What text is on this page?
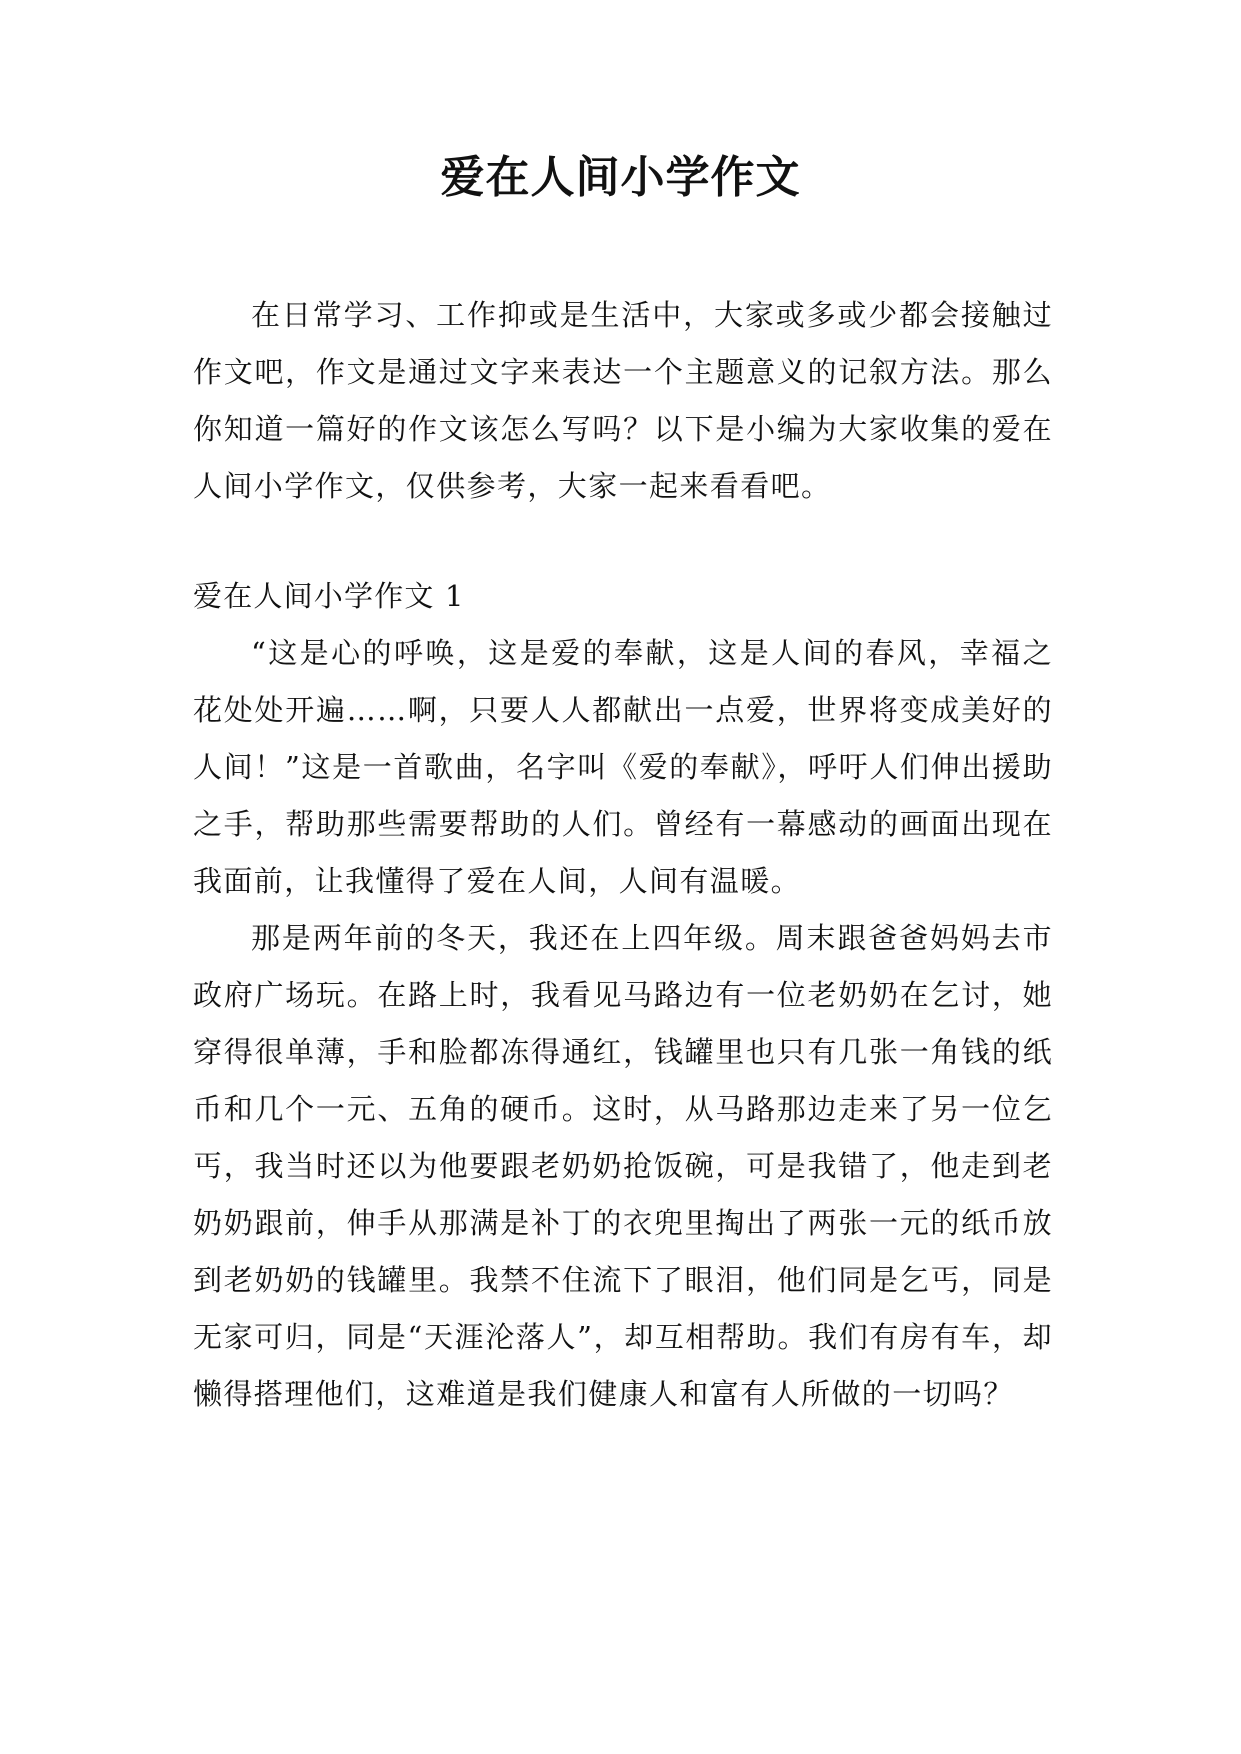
爱在人间小学作文

在日常学习、工作抑或是生活中，大家或多或少都会接触过作文吧，作文是通过文字来表达一个主题意义的记叙方法。那么你知道一篇好的作文该怎么写吗？以下是小编为大家收集的爱在人间小学作文，仅供参考，大家一起来看看吧。

爱在人间小学作文 1

“这是心的呼唤，这是爱的奉献，这是人间的春风，幸福之花处处开遍……啊，只要人人都献出一点爱，世界将变成美好的人间！”这是一首歌曲，名字叫《爱的奉献》，呼吁人们伸出援助之手，帮助那些需要帮助的人们。曾经有一幕感动的画面出现在我面前，让我懂得了爱在人间，人间有温暖。

那是两年前的冬天，我还在上四年级。周末跟爸爸妈妈去市政府广场玩。在路上时，我看见马路边有一位老奶奶在乞讨，她穿得很单薄，手和脸都冻得通红，钱罐里也只有几张一角钱的纸币和几个一元、五角的硬币。这时，从马路那边走来了另一位乞丐，我当时还以为他要跟老奶奶抢饭碗，可是我错了，他走到老奶奶跟前，伸手从那满是补丁的衣兜里掏出了两张一元的纸币放到老奶奶的钱罐里。我禁不住流下了眼泪，他们同是乞丐，同是无家可归，同是“天涯沦落人”，却互相帮助。我们有房有车，却懒得搭理他们，这难道是我们健康人和富有人所做的一切吗？
